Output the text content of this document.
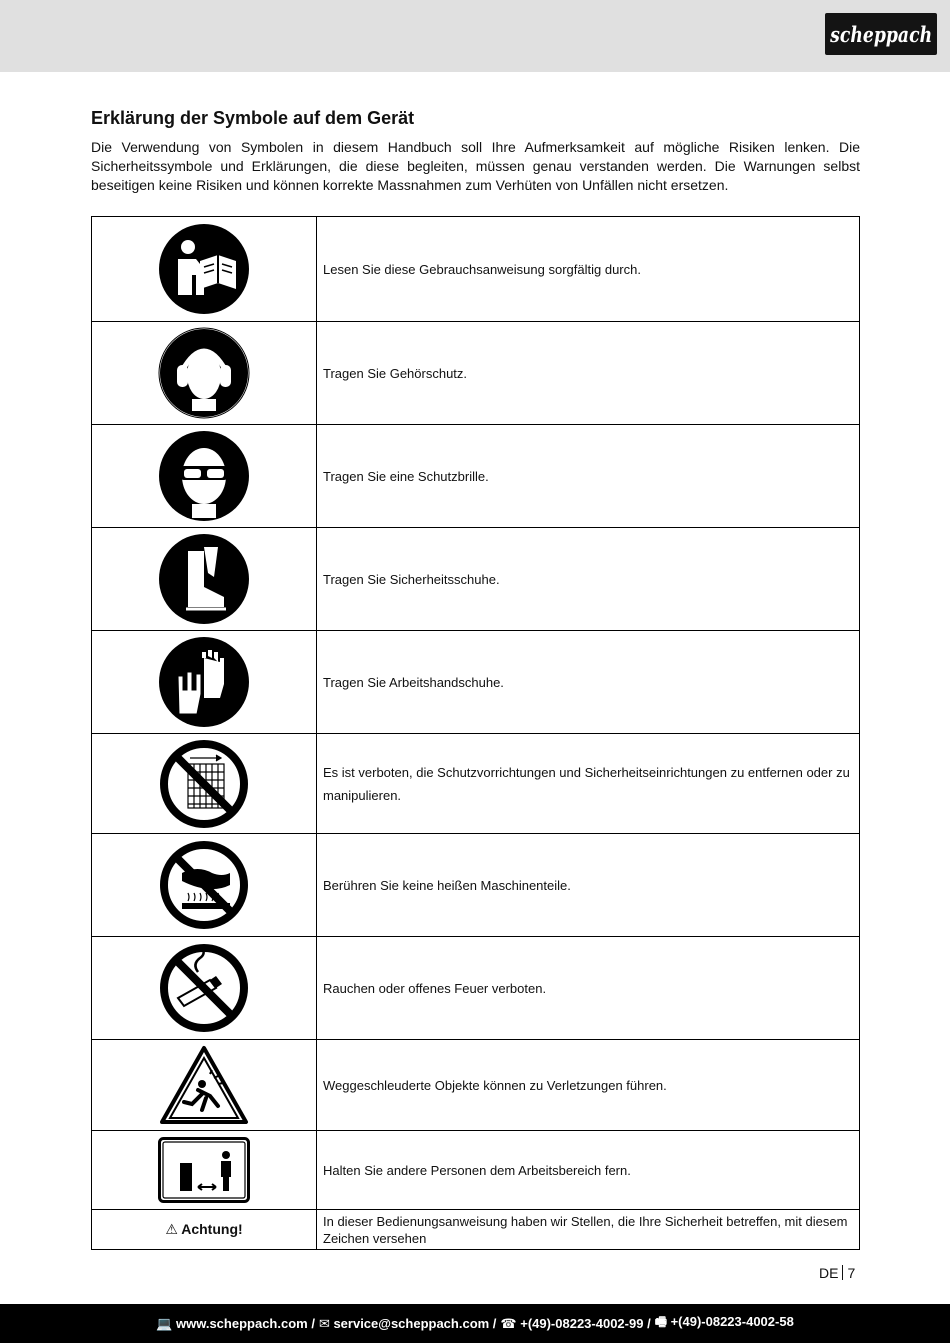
scheppach
Erklärung der Symbole auf dem Gerät

Die Verwendung von Symbolen in diesem Handbuch soll Ihre Aufmerksamkeit auf mögliche Risiken lenken. Die Sicherheitssymbole und Erklärungen, die diese begleiten, müssen genau verstanden werden. Die Warnungen selbst beseitigen keine Risiken und können korrekte Massnahmen zum Verhüten von Unfällen nicht ersetzen.

	Lesen Sie diese Gebrauchsanweisung sorgfältig durch.

	Tragen Sie Gehörschutz.

	Tragen Sie eine Schutzbrille.

	Tragen Sie Sicherheitsschuhe.

	Tragen Sie Arbeitshandschuhe.

	Es ist verboten, die Schutzvorrichtungen und Sicherheitseinrichtungen zu entfernen oder zu manipulieren.

	Berühren Sie keine heißen Maschinenteile.

	Rauchen oder offenes Feuer verboten.

	Weggeschleuderte Objekte können zu Verletzungen führen.

	Halten Sie andere Personen dem Arbeitsbereich fern.
⚠ Achtung!	In dieser Bedienungsanweisung haben wir Stellen, die Ihre Sicherheit betreffen, mit diesem Zeichen versehen
DE 7
💻 www.scheppach.com / ✉ service@scheppach.com / ☎ +(49)-08223-4002-99 / 🖷 +(49)-08223-4002-58
